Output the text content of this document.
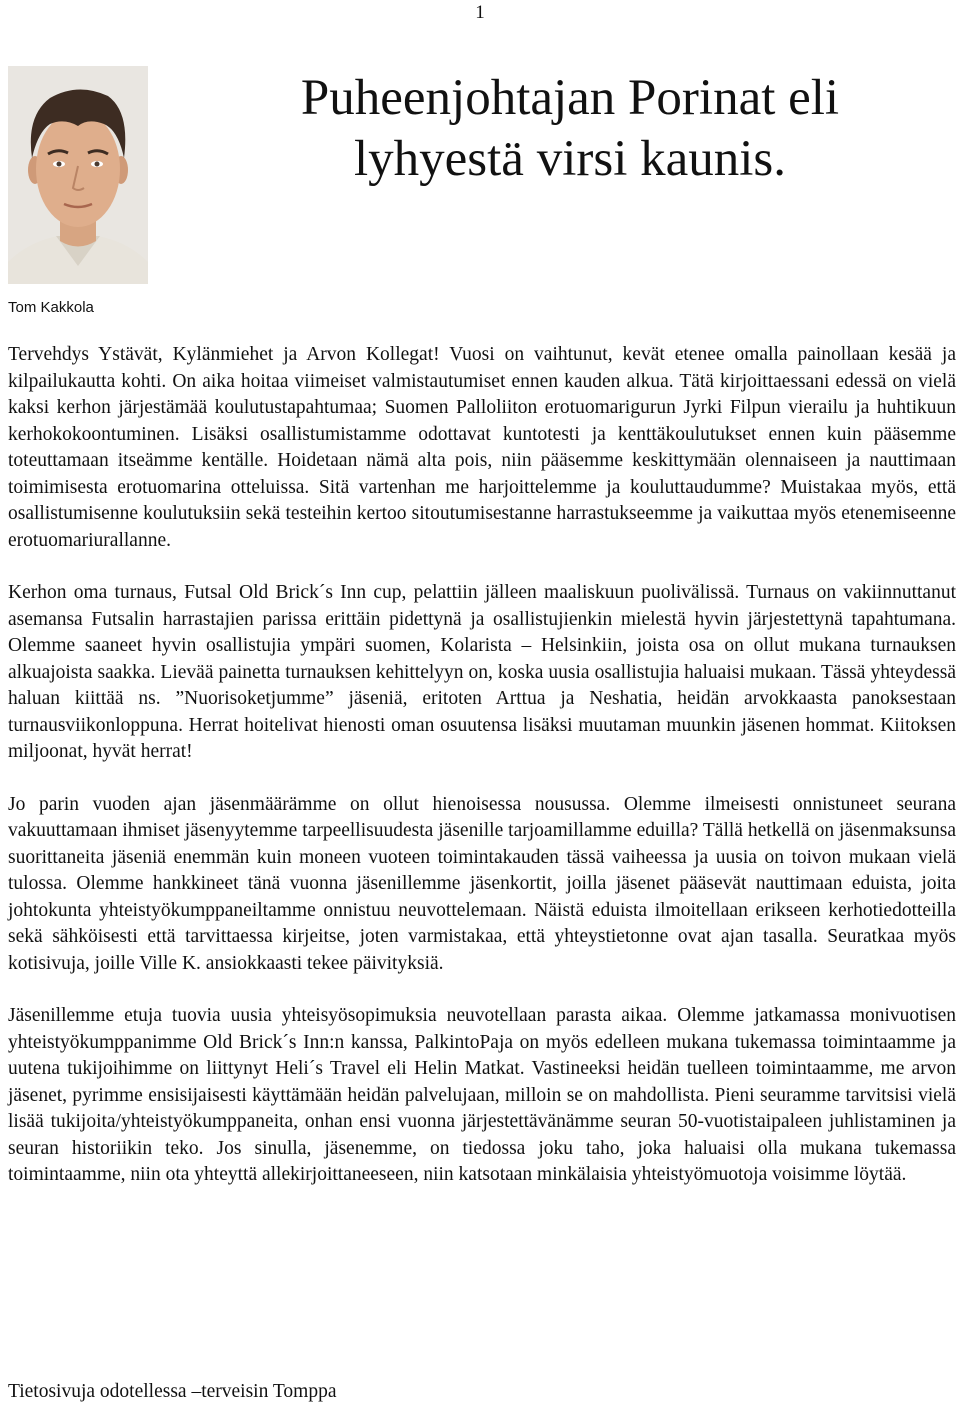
1
Tom Kakkola
Puheenjohtajan Porinat eli lyhyestä virsi kaunis.

Tervehdys Ystävät, Kylänmiehet ja Arvon Kollegat! Vuosi on vaihtunut, kevät etenee omalla painollaan kesää ja kilpailukautta kohti. On aika hoitaa viimeiset valmistautumiset ennen kauden alkua. Tätä kirjoittaessani edessä on vielä kaksi kerhon järjestämää koulutustapahtumaa; Suomen Palloliiton erotuomarigurun Jyrki Filpun vierailu ja huhtikuun kerhokokoontuminen. Lisäksi osallistumistamme odottavat kuntotesti ja kenttäkoulutukset ennen kuin pääsemme toteuttamaan itseämme kentälle. Hoidetaan nämä alta pois, niin pääsemme keskittymään olennaiseen ja nauttimaan toimimisesta erotuomarina otteluissa. Sitä vartenhan me harjoittelemme ja kouluttaudumme? Muistakaa myös, että osallistumisenne koulutuksiin sekä testeihin kertoo sitoutumisestanne harrastukseemme ja vaikuttaa myös etenemiseenne erotuomariurallanne.

Kerhon oma turnaus, Futsal Old Brick´s Inn cup, pelattiin jälleen maaliskuun puolivälissä. Turnaus on vakiinnuttanut asemansa Futsalin harrastajien parissa erittäin pidettynä ja osallistujienkin mielestä hyvin järjestettynä tapahtumana. Olemme saaneet hyvin osallistujia ympäri suomen, Kolarista – Helsinkiin, joista osa on ollut mukana turnauksen alkuajoista saakka. Lievää painetta turnauksen kehittelyyn on, koska uusia osallistujia haluaisi mukaan. Tässä yhteydessä haluan kiittää ns. ”Nuorisoketjumme” jäseniä, eritoten Arttua ja Neshatia, heidän arvokkaasta panoksestaan turnausviikonloppuna. Herrat hoitelivat hienosti oman osuutensa lisäksi muutaman muunkin jäsenen hommat. Kiitoksen miljoonat, hyvät herrat!

Jo parin vuoden ajan jäsenmäärämme on ollut hienoisessa nousussa. Olemme ilmeisesti onnistuneet seurana vakuuttamaan ihmiset jäsenyytemme tarpeellisuudesta jäsenille tarjoamillamme eduilla? Tällä hetkellä on jäsenmaksunsa suorittaneita jäseniä enemmän kuin moneen vuoteen toimintakauden tässä vaiheessa ja uusia on toivon mukaan vielä tulossa. Olemme hankkineet tänä vuonna jäsenillemme jäsenkortit, joilla jäsenet pääsevät nauttimaan eduista, joita johtokunta yhteistyökumppaneiltamme onnistuu neuvottelemaan. Näistä eduista ilmoitellaan erikseen kerhotiedotteilla sekä sähköisesti että tarvittaessa kirjeitse, joten varmistakaa, että yhteystietonne ovat ajan tasalla. Seuratkaa myös kotisivuja, joille Ville K. ansiokkaasti tekee päivityksiä.

Jäsenillemme etuja tuovia uusia yhteisyösopimuksia neuvotellaan parasta aikaa. Olemme jatkamassa monivuotisen yhteistyökumppanimme Old Brick´s Inn:n kanssa, PalkintoPaja on myös edelleen mukana tukemassa toimintaamme ja uutena tukijoihimme on liittynyt Heli´s Travel eli Helin Matkat. Vastineeksi heidän tuelleen toimintaamme, me arvon jäsenet, pyrimme ensisijaisesti käyttämään heidän palvelujaan, milloin se on mahdollista. Pieni seuramme tarvitsisi vielä lisää tukijoita/yhteistyökumppaneita, onhan ensi vuonna järjestettävänämme seuran 50-vuotistaipaleen juhlistaminen ja seuran historiikin teko. Jos sinulla, jäsenemme, on tiedossa joku taho, joka haluaisi olla mukana tukemassa toimintaamme, niin ota yhteyttä allekirjoittaneeseen, niin katsotaan minkälaisia yhteistyömuotoja voisimme löytää.

Tietosivuja odotellessa –terveisin Tomppa
